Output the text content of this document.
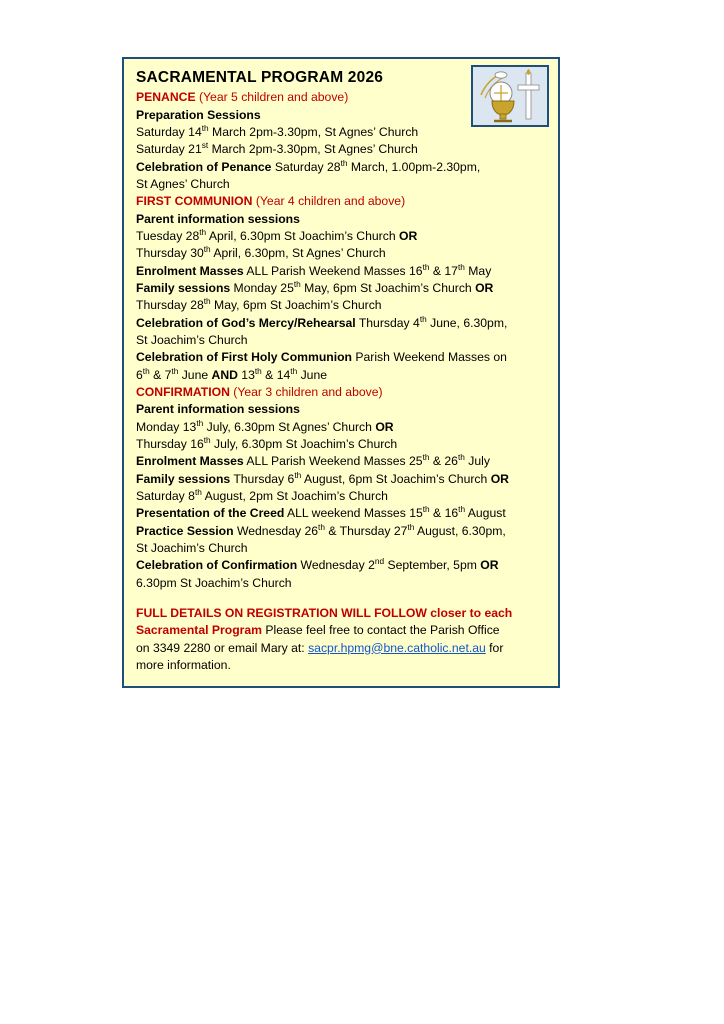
SACRAMENTAL PROGRAM 2026

PENANCE (Year 5 children and above)

Preparation Sessions

Saturday 14th March 2pm-3.30pm, St Agnes’ Church

Saturday 21st March 2pm-3.30pm, St Agnes’ Church

Celebration of Penance Saturday 28th March, 1.00pm-2.30pm,

St Agnes’ Church

FIRST COMMUNION (Year 4 children and above)

Parent information sessions

Tuesday 28th April, 6.30pm St Joachim’s Church OR

Thursday 30th April, 6.30pm, St Agnes’ Church

Enrolment Masses ALL Parish Weekend Masses 16th & 17th May

Family sessions Monday 25th May, 6pm St Joachim’s Church OR

Thursday 28th May, 6pm St Joachim’s Church

Celebration of God’s Mercy/Rehearsal Thursday 4th June, 6.30pm,

St Joachim’s Church

Celebration of First Holy Communion Parish Weekend Masses on

6th & 7th June AND 13th & 14th June

CONFIRMATION (Year 3 children and above)

Parent information sessions

Monday 13th July, 6.30pm St Agnes’ Church OR

Thursday 16th July, 6.30pm St Joachim’s Church

Enrolment Masses ALL Parish Weekend Masses 25th & 26th July

Family sessions Thursday 6th August, 6pm St Joachim’s Church OR

Saturday 8th August, 2pm St Joachim’s Church

Presentation of the Creed ALL weekend Masses 15th & 16th August

Practice Session Wednesday 26th & Thursday 27th August, 6.30pm,

St Joachim’s Church

Celebration of Confirmation Wednesday 2nd September, 5pm OR

6.30pm St Joachim’s Church

FULL DETAILS ON REGISTRATION WILL FOLLOW closer to each

Sacramental Program Please feel free to contact the Parish Office

on 3349 2280 or email Mary at: sacpr.hpmg@bne.catholic.net.au for

more information.
